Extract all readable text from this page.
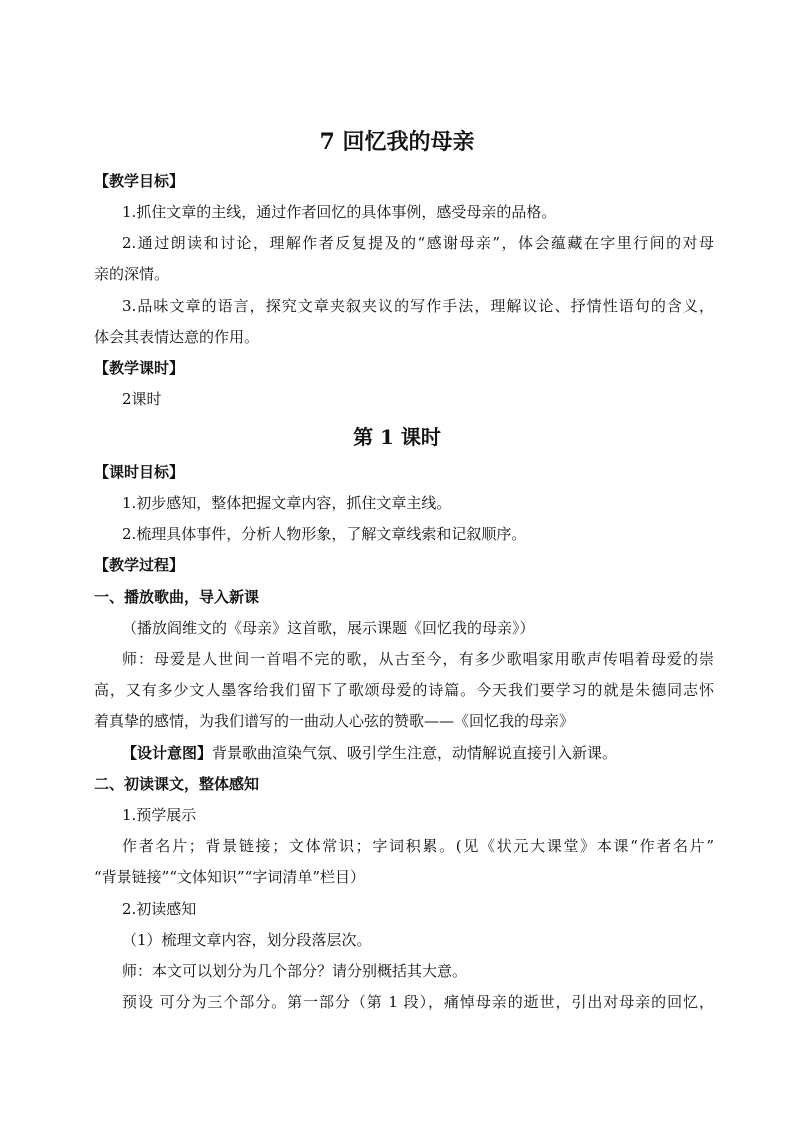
7 回忆我的母亲
【教学目标】
1.抓住文章的主线，通过作者回忆的具体事例，感受母亲的品格。
2.通过朗读和讨论，理解作者反复提及的“感谢母亲”，体会蕴藏在字里行间的对母
亲的深情。
3.品味文章的语言，探究文章夹叙夹议的写作手法，理解议论、抒情性语句的含义，
体会其表情达意的作用。
【教学课时】
2课时
第 1 课时
【课时目标】
1.初步感知，整体把握文章内容，抓住文章主线。
2.梳理具体事件，分析人物形象，了解文章线索和记叙顺序。
【教学过程】
一、播放歌曲，导入新课
（播放阎维文的《母亲》这首歌，展示课题《回忆我的母亲》）
师：母爱是人世间一首唱不完的歌，从古至今，有多少歌唱家用歌声传唱着母爱的崇
高，又有多少文人墨客给我们留下了歌颂母爱的诗篇。今天我们要学习的就是朱德同志怀
着真挚的感情，为我们谱写的一曲动人心弦的赞歌——《回忆我的母亲》
【设计意图】背景歌曲渲染气氛、吸引学生注意，动情解说直接引入新课。
二、初读课文，整体感知
1.预学展示
作者名片；背景链接；文体常识；字词积累。(见《状元大课堂》本课“作者名片”
“背景链接”“文体知识”“字词清单”栏目）
2.初读感知
（1）梳理文章内容，划分段落层次。
师：本文可以划分为几个部分？请分别概括其大意。
预设 可分为三个部分。第一部分（第 1 段），痛悼母亲的逝世，引出对母亲的回忆，
